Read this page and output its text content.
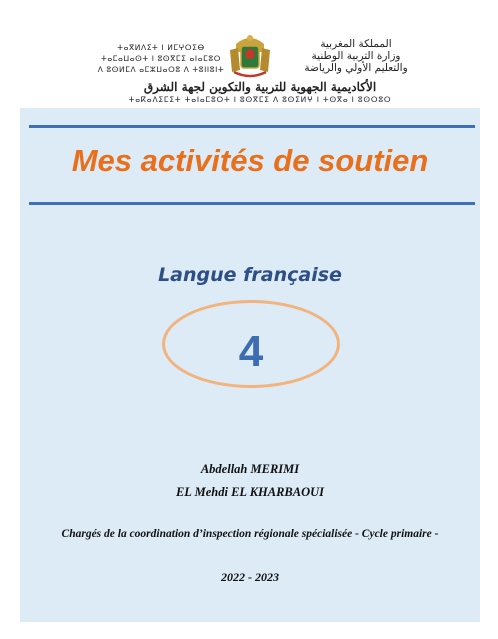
ⵜⴰⴳⵍⴷⵉⵜ ⵏ ⵍⵎⵖⵔⵉⴱ
ⵜⴰⵎⴰⵡⴰⵙⵜ ⵏ ⵓⵙⴳⵎⵉ ⴰⵏⴰⵎⵓⵔ
ⴷ ⵓⵙⵍⵎⴷ ⴰⵎⵣⵡⴰⵔⵓ ⴷ ⵜⵓⵏⵏⵓⵏⵜ
المملكة المغربية
وزارة التربية الوطنية
والتعليم الأولي والرياضة
الأكاديمية الجهوية للتربية والتكوين لجهة الشرق
ⵜⴰⴽⴰⴷⵉⵎⵉⵜ ⵜⴰⵏⴰⵎⵓⵔⵜ ⵏ ⵓⵙⴳⵎⵉ ⴷ ⵓⵙⵉⵍⵖ ⵏ ⵜⵙⴳⴰ ⵏ ⵓⵙⵔⵓⵔ
Mes activités de soutien
Langue française
4
Abdellah MERIMI
EL Mehdi EL KHARBAOUI
Chargés de la coordination d’inspection régionale spécialisée - Cycle primaire -
2022 - 2023
